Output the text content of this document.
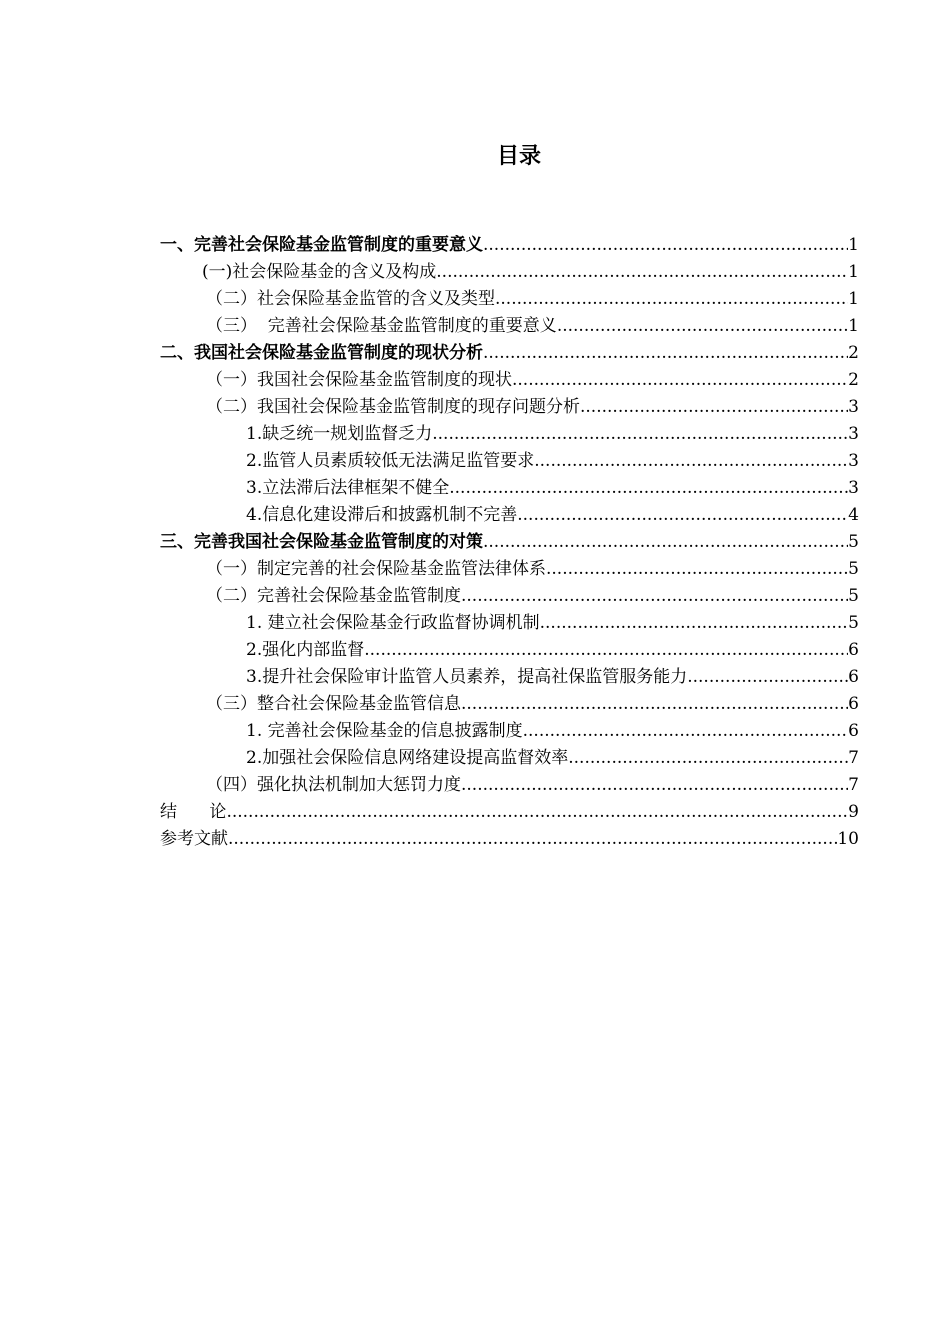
目录
一、完善社会保险基金监管制度的重要意义 .....	1
(一)社会保险基金的含义及构成 .....	1
（二）社会保险基金监管的含义及类型 .....	1
（三）  完善社会保险基金监管制度的重要意义 .....	1
二、我国社会保险基金监管制度的现状分析 .....	2
（一）我国社会保险基金监管制度的现状 .....	2
（二）我国社会保险基金监管制度的现存问题分析 .....	3
1.缺乏统一规划监督乏力 .....	3
2.监管人员素质较低无法满足监管要求 .....	3
3.立法滞后法律框架不健全 .....	3
4.信息化建设滞后和披露机制不完善 .....	4
三、完善我国社会保险基金监管制度的对策 .....	5
（一）制定完善的社会保险基金监管法律体系 .....	5
（二）完善社会保险基金监管制度 .....	5
1. 建立社会保险基金行政监督协调机制 .....	5
2.强化内部监督 .....	6
3.提升社会保险审计监管人员素养，提高社保监管服务能力 .....	6
（三）整合社会保险基金监管信息 .....	6
1. 完善社会保险基金的信息披露制度 .....	6
2.加强社会保险信息网络建设提高监督效率 .....	7
（四）强化执法机制加大惩罚力度 .....	7
结      论 .....	9
参考文献 .....	10
